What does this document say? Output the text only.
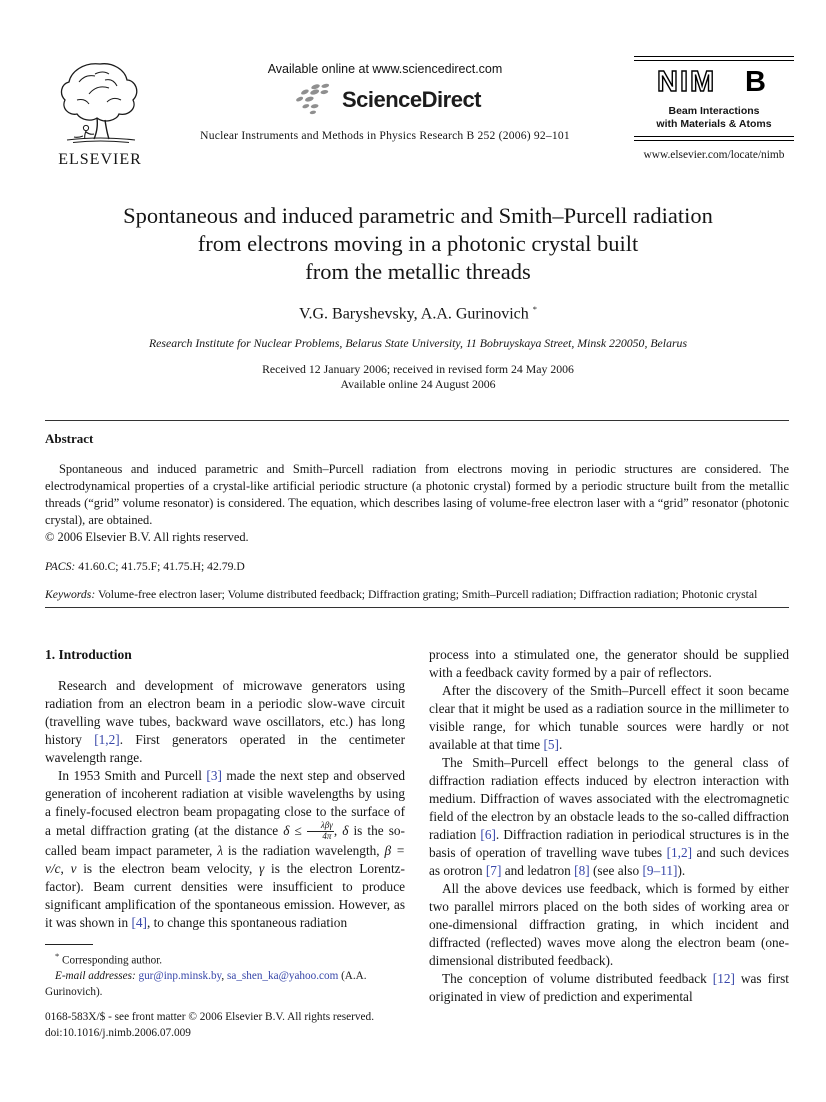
ELSEVIER
Available online at www.sciencedirect.com
ScienceDirect
Nuclear Instruments and Methods in Physics Research B 252 (2006) 92–101
NIM B
Beam Interactions
with Materials & Atoms
www.elsevier.com/locate/nimb
Spontaneous and induced parametric and Smith–Purcell radiation
from electrons moving in a photonic crystal built
from the metallic threads
V.G. Baryshevsky, A.A. Gurinovich *
Research Institute for Nuclear Problems, Belarus State University, 11 Bobruyskaya Street, Minsk 220050, Belarus
Received 12 January 2006; received in revised form 24 May 2006
Available online 24 August 2006
Abstract
Spontaneous and induced parametric and Smith–Purcell radiation from electrons moving in periodic structures are considered. The electrodynamical properties of a crystal-like artificial periodic structure (a photonic crystal) formed by a periodic structure built from the metallic threads (“grid” volume resonator) is considered. The equation, which describes lasing of volume-free electron laser with a “grid” resonator (photonic crystal), are obtained.
© 2006 Elsevier B.V. All rights reserved.
PACS: 41.60.C; 41.75.F; 41.75.H; 42.79.D
Keywords: Volume-free electron laser; Volume distributed feedback; Diffraction grating; Smith–Purcell radiation; Diffraction radiation; Photonic crystal

1. Introduction

Research and development of microwave generators using radiation from an electron beam in a periodic slow-wave circuit (travelling wave tubes, backward wave oscillators, etc.) has long history [1,2]. First generators operated in the centimeter wavelength range.

In 1953 Smith and Purcell [3] made the next step and observed generation of incoherent radiation at visible wavelengths by using a finely-focused electron beam propagating close to the surface of a metal diffraction grating (at the distance $\delta \le \frac{\text{λβγ}}{4\pi}$ , δ is the so-called beam impact parameter, λ is the radiation wavelength, β = v/c, v is the electron beam velocity, γ is the electron Lorentz-factor). Beam current densities were insufficient to produce significant amplification of the spontaneous emission. However, as it was shown in [4], to change this spontaneous radiation

process into a stimulated one, the generator should be supplied with a feedback cavity formed by a pair of reflectors.

After the discovery of the Smith–Purcell effect it soon became clear that it might be used as a radiation source in the millimeter to visible range, for which tunable sources were hardly or not available at that time [5].

The Smith–Purcell effect belongs to the general class of diffraction radiation effects induced by electron interaction with medium. Diffraction of waves associated with the electromagnetic field of the electron by an obstacle leads to the so-called diffraction radiation [6]. Diffraction radiation in periodical structures is in the basis of operation of travelling wave tubes [1,2] and such devices as orotron [7] and ledatron [8] (see also [9–11]).

All the above devices use feedback, which is formed by either two parallel mirrors placed on the both sides of working area or one-dimensional diffraction grating, in which incident and diffracted (reflected) waves move along the electron beam (one-dimensional distributed feedback).

The conception of volume distributed feedback [12] was first originated in view of prediction and experimental

* Corresponding author.
E-mail addresses: gur@inp.minsk.by, sa_shen_ka@yahoo.com (A.A. Gurinovich).
0168-583X/$ - see front matter © 2006 Elsevier B.V. All rights reserved.
doi:10.1016/j.nimb.2006.07.009
